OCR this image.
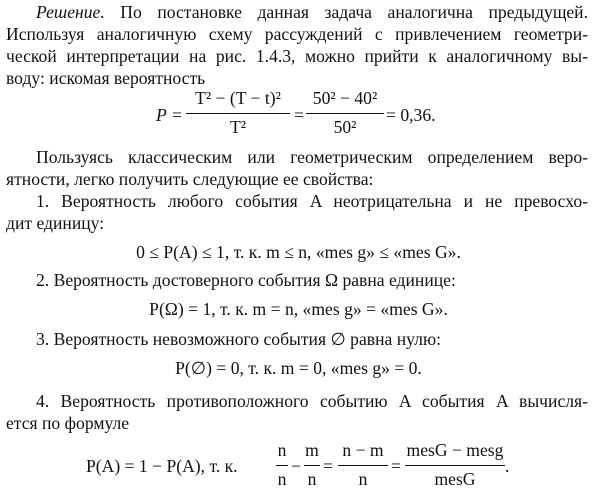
Решение. По постановке данная задача аналогична предыдущей.
Используя аналогичную схему рассуждений с привлечением геометри-
ческой интерпретации на рис. 1.4.3, можно прийти к аналогичному вы-
воду: искомая вероятность
P =
T² − (T − t)²
T²
=
50² − 40²
50²
= 0,36.
Пользуясь классическим или геометрическим определением веро-
ятности, легко получить следующие ее свойства:
1. Вероятность любого события A неотрицательна и не превосхо-
дит единицу:
0 ≤ P(A) ≤ 1, т. к. m ≤ n, «mes g» ≤ «mes G».
2. Вероятность достоверного события Ω равна единице:
P(Ω) = 1, т. к. m = n, «mes g» = «mes G».
3. Вероятность невозможного события ∅ равна нулю:
P(∅) = 0, т. к. m = 0, «mes g» = 0.
4. Вероятность противоположного событию A события A вычисля-
ется по формуле
P(A) = 1 − P(A), т. к.
n
n
−
m
n
=
n − m
n
=
mesG − mesg
mesG
.
